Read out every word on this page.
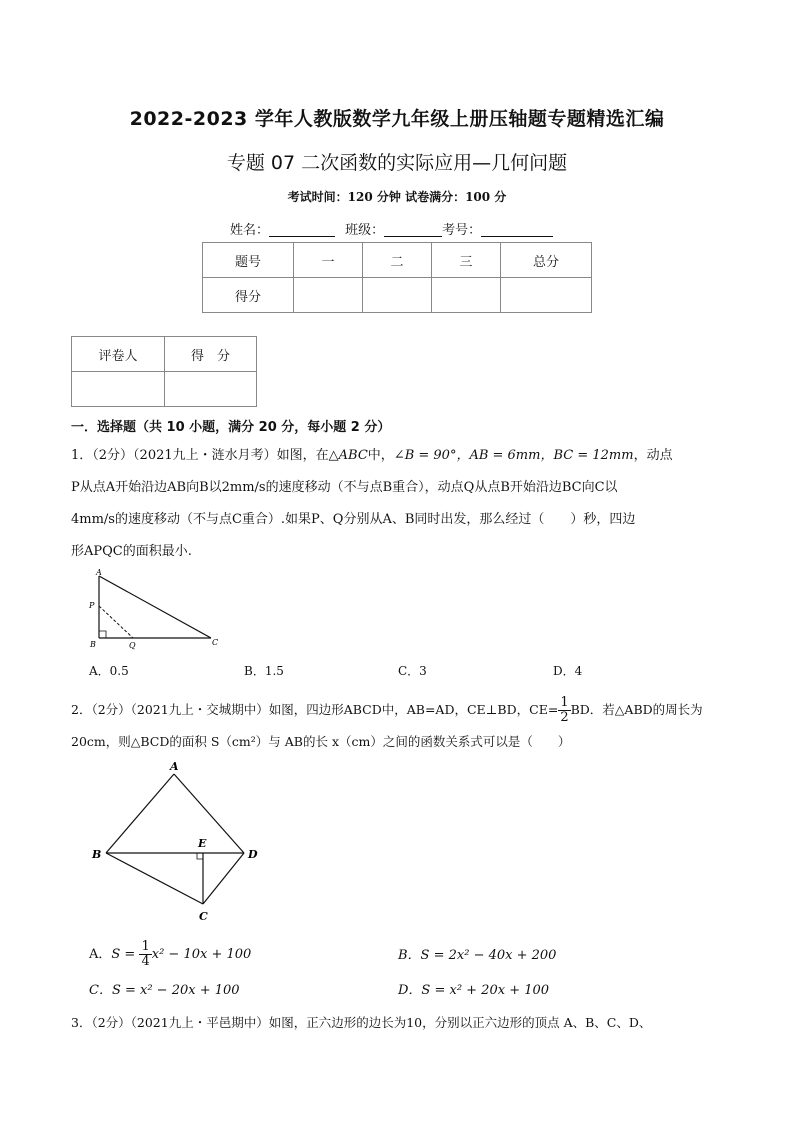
2022-2023 学年人教版数学九年级上册压轴题专题精选汇编
专题 07 二次函数的实际应用—几何问题
考试时间：120 分钟 试卷满分：100 分
姓名：	班级：	考号：
题号	一	二	三	总分
得分				
评卷人	得　分

一．选择题（共 10 小题，满分 20 分，每小题 2 分）
1．（2分）（2021九上・涟水月考）如图，在△ABC中，∠B = 90°，AB = 6mm，BC = 12mm，动点
P从点A开始沿边AB向B以2mm/s的速度移动（不与点B重合），动点Q从点B开始沿边BC向C以
4mm/s的速度移动（不与点C重合）.如果P、Q分别从A、B同时出发，那么经过（　　）秒，四边
形APQC的面积最小.
A
P
B	Q	C
A．0.5	B．1.5	C．3	D．4
2．（2分）（2021九上・交城期中）如图，四边形ABCD中，AB=AD，CE⊥BD，$CE= \frac{1}{2}$ BD．若△ABD的周长为
20cm，则△BCD的面积 S（cm²）与 AB的长 x（cm）之间的函数关系式可以是（　　）
A
B
E
D
C
A．$S = \frac{1}{4} x^2 - 10x + 100$	B．S = 2x² − 40x + 200
C．S = x² − 20x + 100	D．S = x² + 20x + 100
3．（2分）（2021九上・平邑期中）如图，正六边形的边长为10，分别以正六边形的顶点 A、B、C、D、
